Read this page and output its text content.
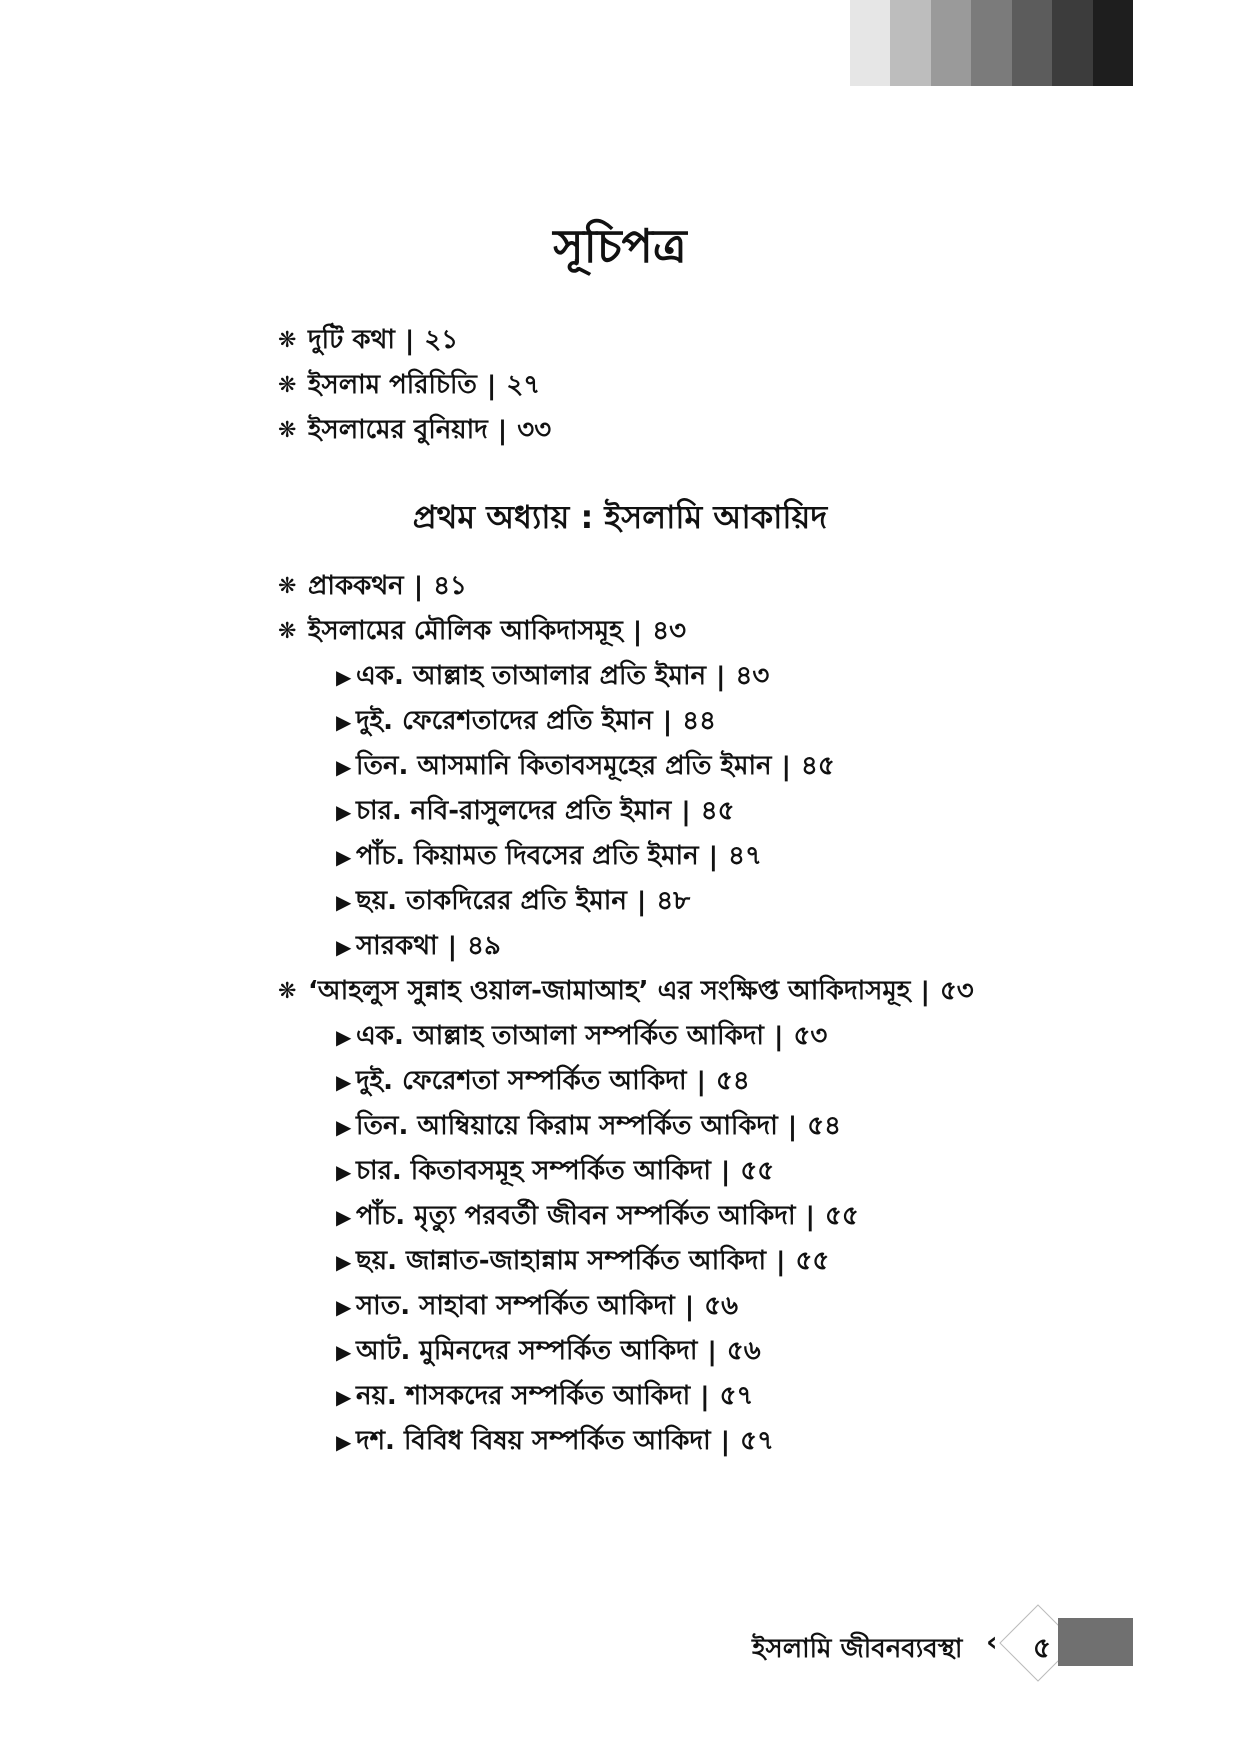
সূচিপত্র
❋ দুটি কথা | ২১
❋ ইসলাম পরিচিতি | ২৭
❋ ইসলামের বুনিয়াদ | ৩৩
প্রথম অধ্যায় : ইসলামি আকায়িদ
❋ প্রাককথন | ৪১
❋ ইসলামের মৌলিক আকিদাসমূহ | ৪৩
▶ এক. আল্লাহ তাআলার প্রতি ইমান | ৪৩
▶ দুই. ফেরেশতাদের প্রতি ইমান | ৪৪
▶ তিন. আসমানি কিতাবসমূহের প্রতি ইমান | ৪৫
▶ চার. নবি-রাসুলদের প্রতি ইমান | ৪৫
▶ পাঁচ. কিয়ামত দিবসের প্রতি ইমান | ৪৭
▶ ছয়. তাকদিরের প্রতি ইমান | ৪৮
▶ সারকথা | ৪৯
❋ ‘আহলুস সুন্নাহ ওয়াল-জামাআহ’ এর সংক্ষিপ্ত আকিদাসমূহ | ৫৩
▶ এক. আল্লাহ তাআলা সম্পর্কিত আকিদা | ৫৩
▶ দুই. ফেরেশতা সম্পর্কিত আকিদা | ৫৪
▶ তিন. আম্বিয়ায়ে কিরাম সম্পর্কিত আকিদা | ৫৪
▶ চার. কিতাবসমূহ সম্পর্কিত আকিদা | ৫৫
▶ পাঁচ. মৃত্যু পরবর্তী জীবন সম্পর্কিত আকিদা | ৫৫
▶ ছয়. জান্নাত-জাহান্নাম সম্পর্কিত আকিদা | ৫৫
▶ সাত. সাহাবা সম্পর্কিত আকিদা | ৫৬
▶ আট. মুমিনদের সম্পর্কিত আকিদা | ৫৬
▶ নয়. শাসকদের সম্পর্কিত আকিদা | ৫৭
▶ দশ. বিবিধ বিষয় সম্পর্কিত আকিদা | ৫৭
ইসলামি জীবনব্যবস্থা ‹	৫
